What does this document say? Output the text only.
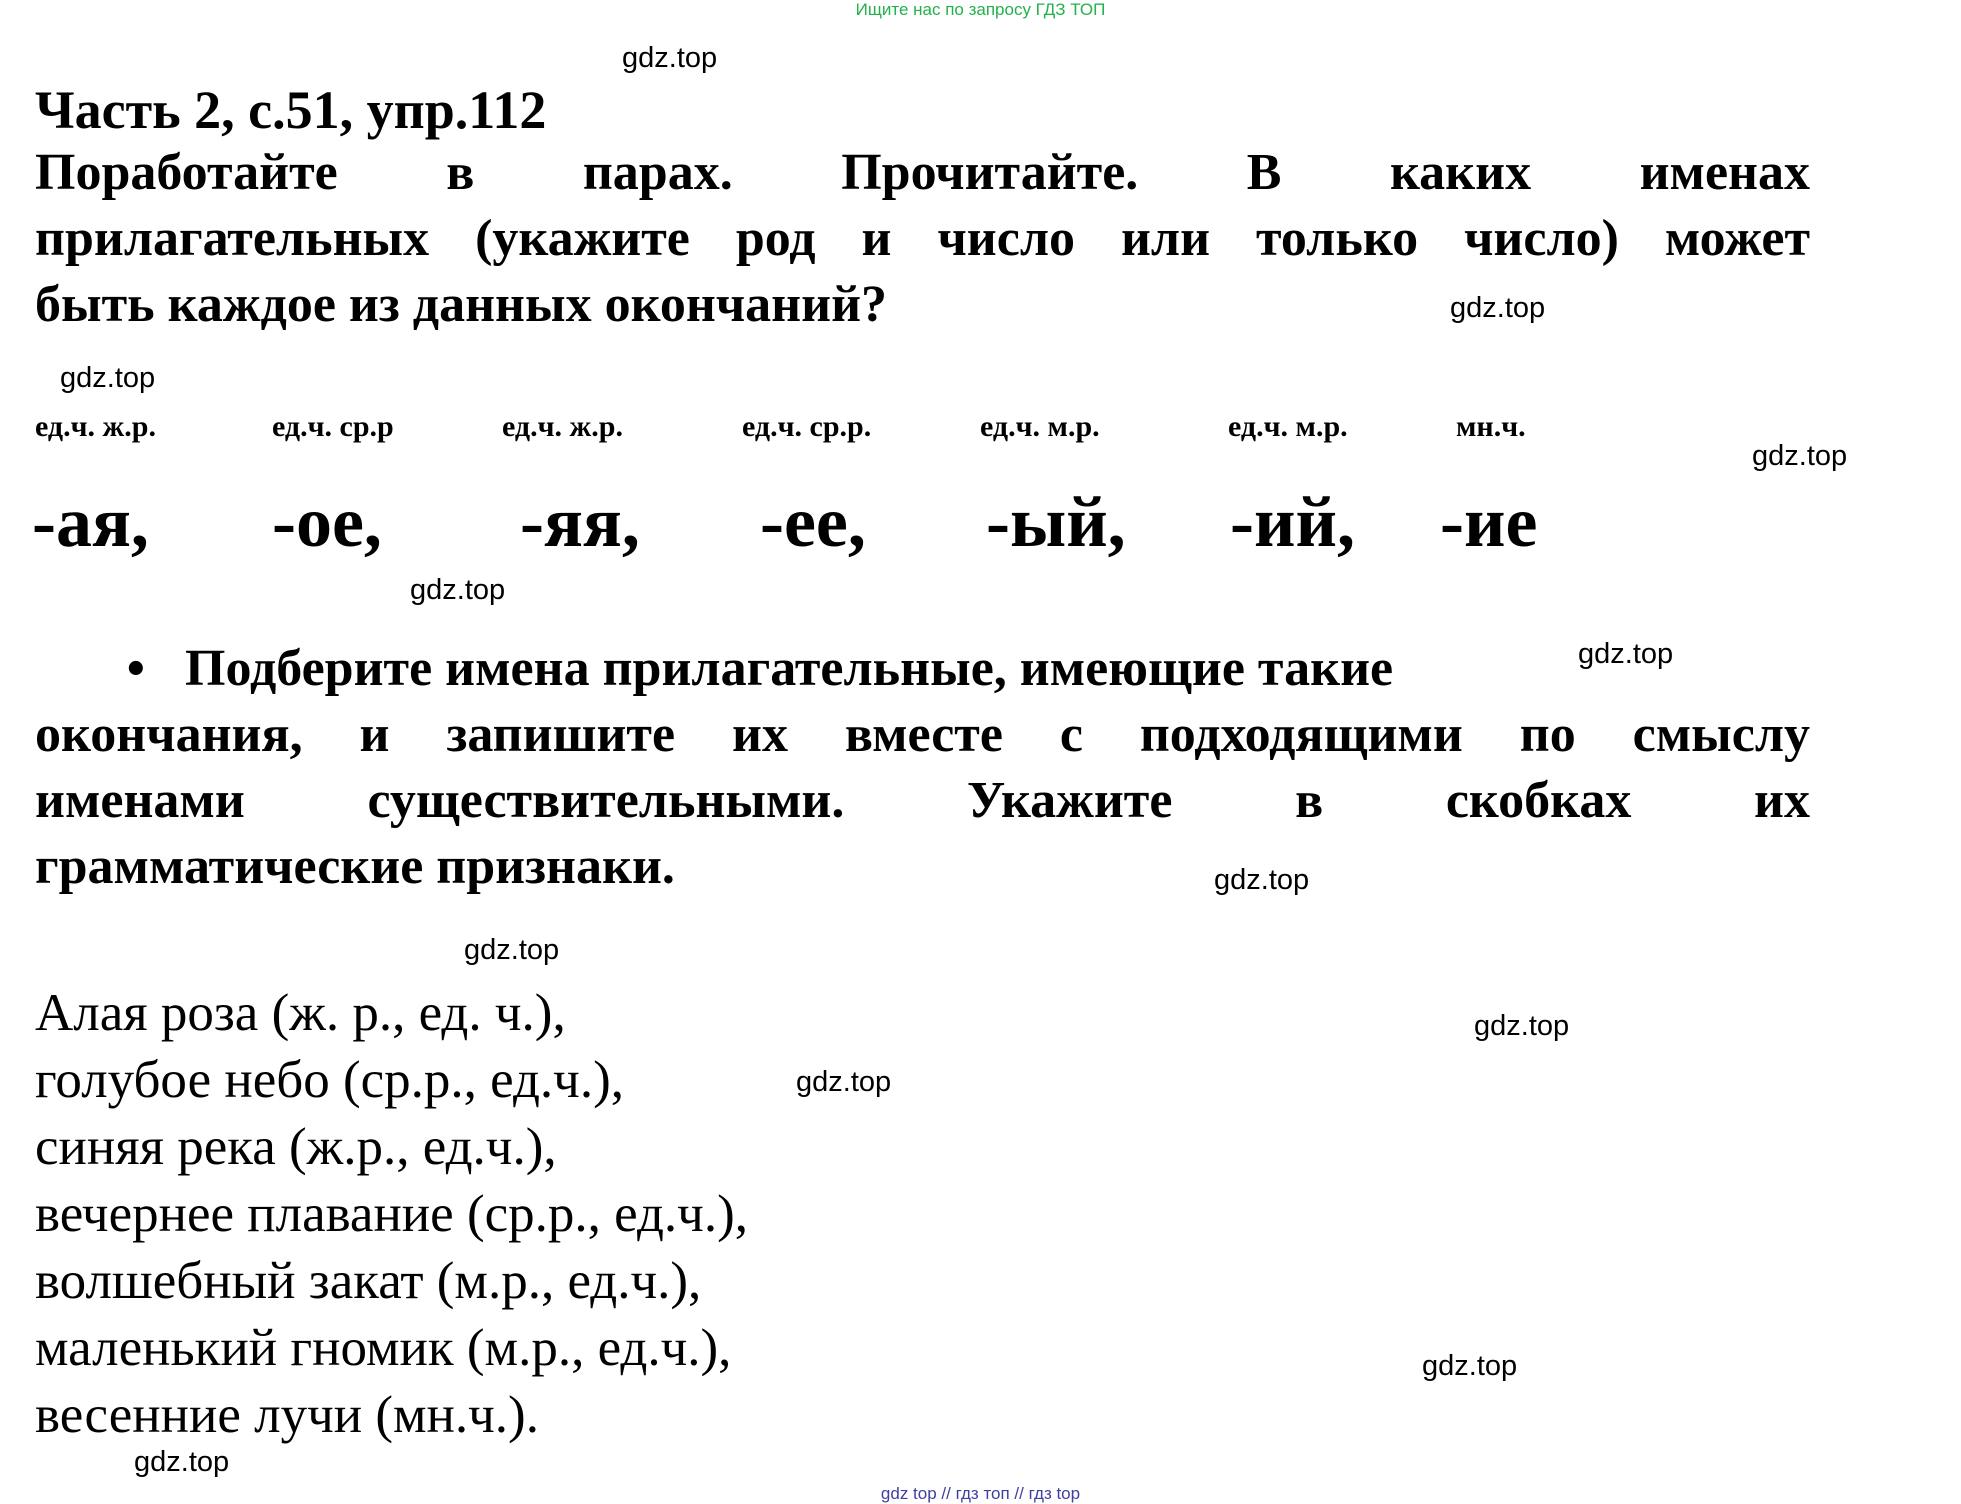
Ищите нас по запросу ГДЗ ТОП
gdz.top
gdz.top
gdz.top
gdz.top
gdz.top
gdz.top
gdz.top
gdz.top
gdz.top
gdz.top
gdz.top
gdz.top
Часть 2, с.51, упр.112
Поработайте в парах. Прочитайте. В каких именах
прилагательных (укажите род и число или только число) может
быть каждое из данных окончаний?
ед.ч. ж.р.	ед.ч. ср.р	ед.ч. ж.р.	ед.ч. ср.р.	ед.ч. м.р.	ед.ч. м.р.	мн.ч.
-ая, -ое, -яя, -ее, -ый, -ий, -ие
• Подберите имена прилагательные, имеющие такие
окончания, и запишите их вместе с подходящими по смыслу
именами существительными. Укажите в скобках их
грамматические признаки.
Алая роза (ж. р., ед. ч.),
голубое небо (ср.р., ед.ч.),
синяя река (ж.р., ед.ч.),
вечернее плавание (ср.р., ед.ч.),
волшебный закат (м.р., ед.ч.),
маленький гномик (м.р., ед.ч.),
весенние лучи (мн.ч.).
gdz top // гдз топ // гдз top
